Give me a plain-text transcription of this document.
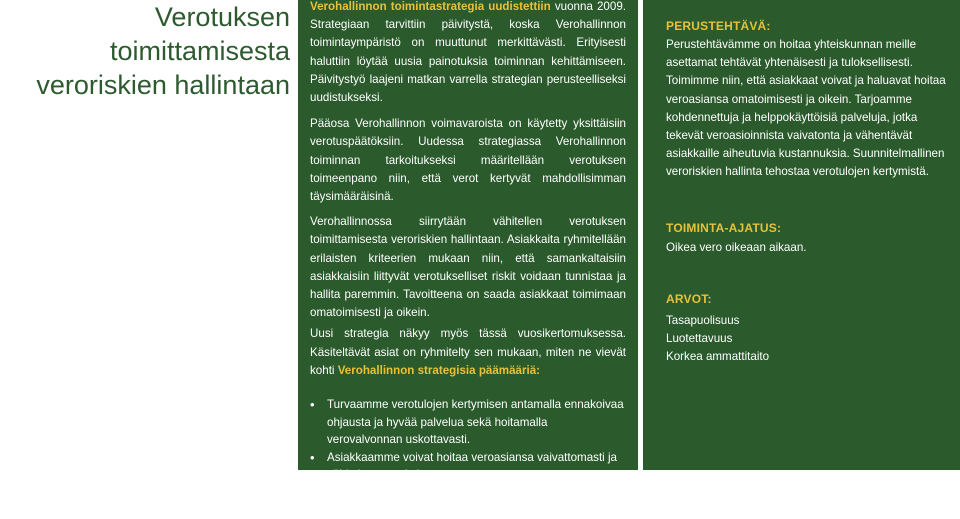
Verotuksen
toimittamisesta
veroriskien hallintaan

Verohallinnon toimintastrategia uudistettiin vuonna 2009. Strategiaan tarvittiin päivitystä, koska Verohallinnon toimintaympäristö on muuttunut merkittävästi. Erityisesti haluttiin löytää uusia painotuksia toiminnan kehittämiseen. Päivitystyö laajeni matkan varrella strategian perusteelliseksi uudistukseksi.

Pääosa Verohallinnon voimavaroista on käytetty yksittäisiin verotuspäätöksiin. Uudessa strategiassa Verohallinnon toiminnan tarkoitukseksi määritellään verotuksen toimeenpano niin, että verot kertyvät mahdollisimman täysimääräisinä.

Verohallinnossa siirrytään vähitellen verotuksen toimittamisesta veroriskien hallintaan. Asiakkaita ryhmitellään erilaisten kriteerien mukaan niin, että samankaltaisiin asiakkaisiin liittyvät verotukselliset riskit voidaan tunnistaa ja hallita paremmin. Tavoitteena on saada asiakkaat toimimaan omatoimisesti ja oikein.

Uusi strategia näkyy myös tässä vuosikertomuksessa. Käsiteltävät asiat on ryhmitelty sen mukaan, miten ne vievät kohti Verohallinnon strategisia päämääriä:

• Turvaamme verotulojen kertymisen antamalla ennakoivaa ohjausta ja hyvää palvelua sekä hoitamalla verovalvonnan uskottavasti.
• Asiakkaamme voivat hoitaa veroasiansa vaivattomasti ja vähin kustannuksin.
• Toimimme tuottavasti ja taloudellisesti.
• Olemme uudistumiskykyinen organisaatio.

PERUSTEHTÄVÄ:

Perustehtävämme on hoitaa yhteiskunnan meille asettamat tehtävät yhtenäisesti ja tuloksellisesti. Toimimme niin, että asiakkaat voivat ja haluavat hoitaa veroasiansa omatoimisesti ja oikein. Tarjoamme kohdennettuja ja helppokäyttöisiä palveluja, jotka tekevät veroasioinnista vaivatonta ja vähentävät asiakkaille aiheutuvia kustannuksia. Suunnitelmallinen veroriskien hallinta tehostaa verotulojen kertymistä.

TOIMINTA-AJATUS:

Oikea vero oikeaan aikaan.

ARVOT:

Tasapuolisuus

Luotettavuus

Korkea ammattitaito
